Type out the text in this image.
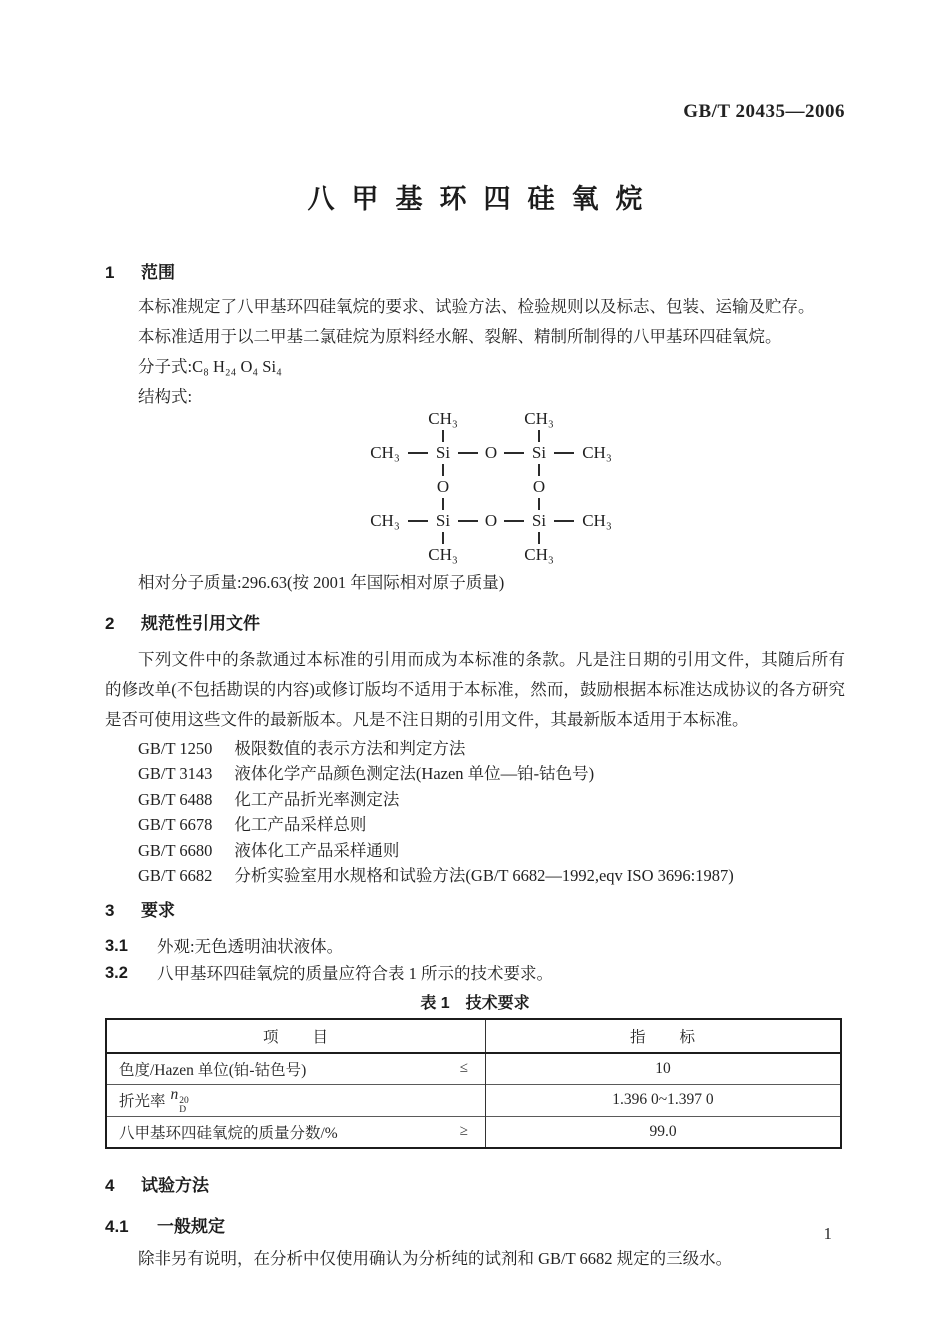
GB/T 20435—2006
八甲基环四硅氧烷
1	范围

本标准规定了八甲基环四硅氧烷的要求、试验方法、检验规则以及标志、包装、运输及贮存。

本标准适用于以二甲基二氯硅烷为原料经水解、裂解、精制所制得的八甲基环四硅氧烷。

分子式:C₈ H₂₄ O₄ Si₄

结构式:

CH₃	CH₃
CH₃	Si	O	Si	CH₃
O	O
CH₃	Si	O	Si	CH₃
CH₃	CH₃

相对分子质量:296.63(按 2001 年国际相对原子质量)

2	规范性引用文件

下列文件中的条款通过本标准的引用而成为本标准的条款。凡是注日期的引用文件，其随后所有的修改单(不包括勘误的内容)或修订版均不适用于本标准，然而，鼓励根据本标准达成协议的各方研究是否可使用这些文件的最新版本。凡是不注日期的引用文件，其最新版本适用于本标准。

GB/T 1250 极限数值的表示方法和判定方法
GB/T 3143 液体化学产品颜色测定法(Hazen 单位—铂-钴色号)
GB/T 6488 化工产品折光率测定法
GB/T 6678 化工产品采样总则
GB/T 6680 液体化工产品采样通则
GB/T 6682 分析实验室用水规格和试验方法(GB/T 6682—1992,eqv ISO 3696:1987)
3	要求
3.1	外观:无色透明油状液体。
3.2	八甲基环四硅氧烷的质量应符合表 1 所示的技术要求。
表 1　技术要求
项　　目	指　　标

色度/Hazen 单位(铂-钴色号) ≤	10

折光率 n 20
D	1.396 0~1.397 0

八甲基环四硅氧烷的质量分数/% ≥	99.0
4	试验方法
4.1	一般规定

除非另有说明，在分析中仅使用确认为分析纯的试剂和 GB/T 6682 规定的三级水。

1
